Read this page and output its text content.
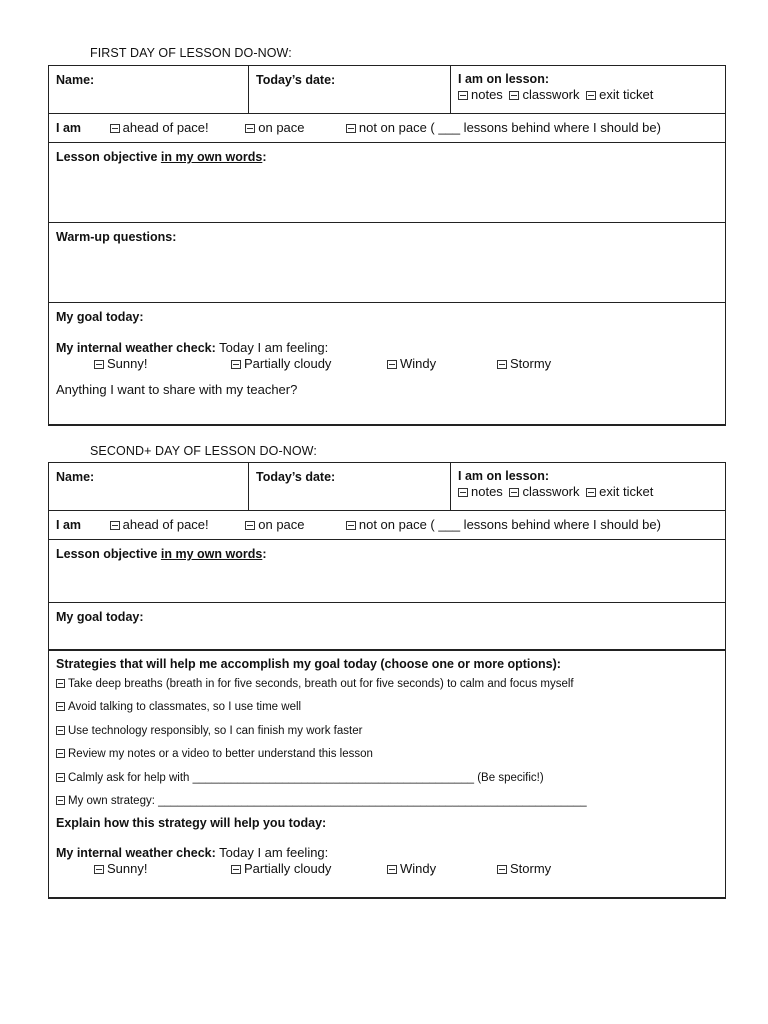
FIRST DAY OF LESSON DO-NOW:
Name:	Today’s date:	I am on lesson:
notes classwork exit ticket

I am	ahead of pace!	on pace	not on pace ( ___ lessons behind where I should be)
Lesson objective in my own words:
Warm-up questions:

My goal today:
My internal weather check: Today I am feeling:
Sunny!	Partially cloudy	Windy	Stormy
Anything I want to share with my teacher?
SECOND+ DAY OF LESSON DO-NOW:
Name:	Today’s date:	I am on lesson:
notes classwork exit ticket

I am	ahead of pace!	on pace	not on pace ( ___ lessons behind where I should be)
Lesson objective in my own words:
My goal today:

Strategies that will help me accomplish my goal today (choose one or more options):
Take deep breaths (breath in for five seconds, breath out for five seconds) to calm and focus myself
Avoid talking to classmates, so I use time well
Use technology responsibly, so I can finish my work faster
Review my notes or a video to better understand this lesson
Calmly ask for help with ____________________________________________ (Be specific!)
My own strategy: ___________________________________________________________________
Explain how this strategy will help you today:
My internal weather check: Today I am feeling:
Sunny!	Partially cloudy	Windy	Stormy
